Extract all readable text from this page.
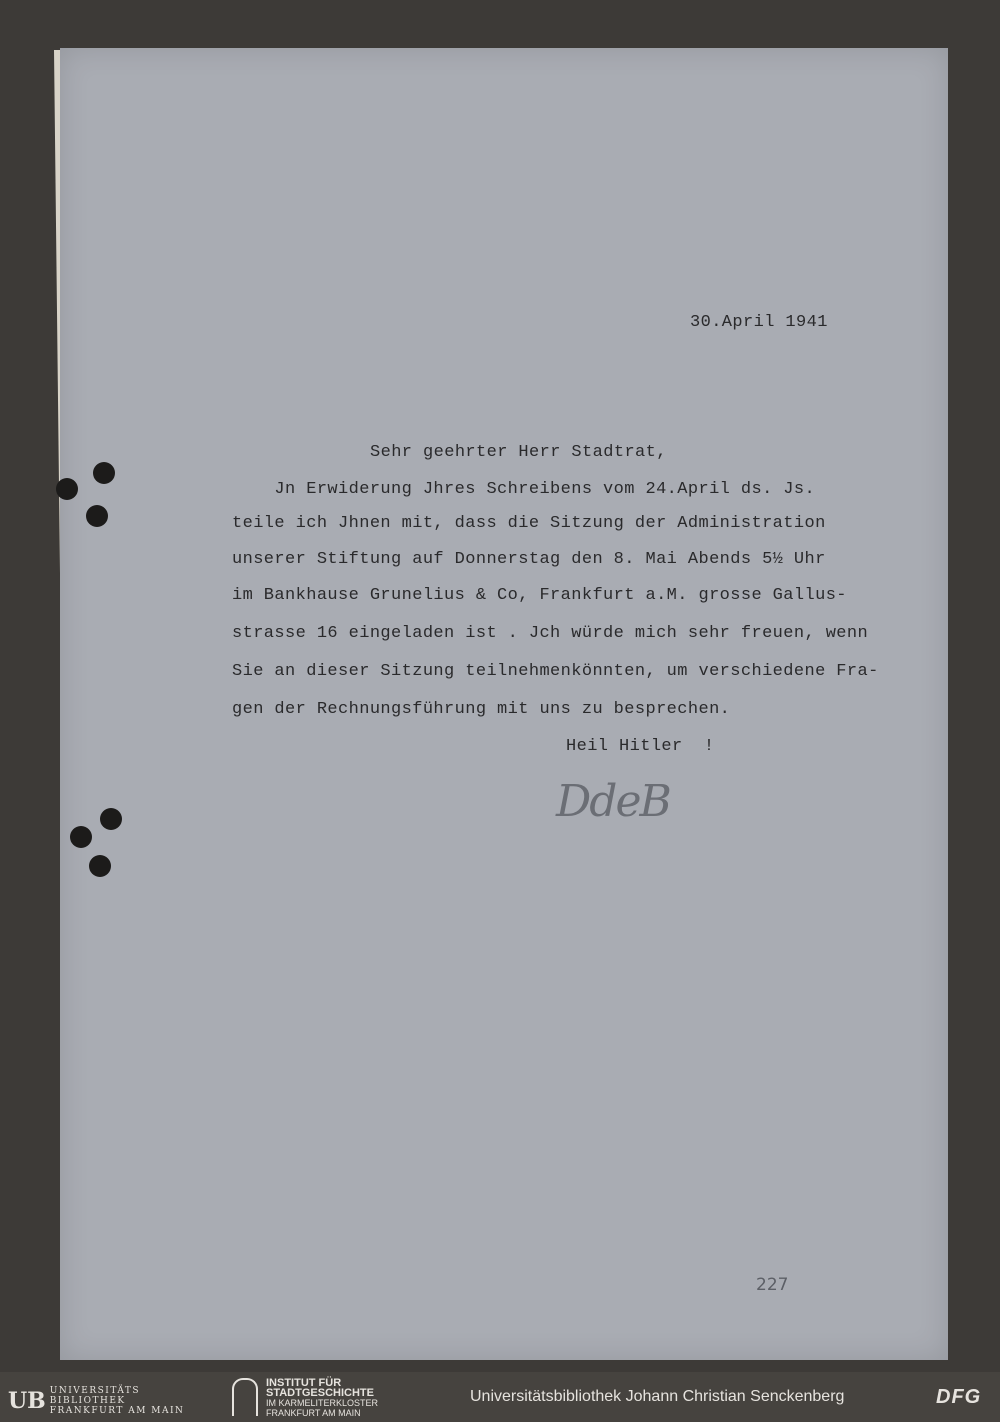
30.April 1941
Sehr geehrter Herr Stadtrat,
Jn Erwiderung Jhres Schreibens vom 24.April ds. Js.
teile ich Jhnen mit, dass die Sitzung der Administration
unserer Stiftung auf Donnerstag den 8. Mai Abends 5½ Uhr
im Bankhause Grunelius & Co, Frankfurt a.M. grosse Gallus-
strasse 16 eingeladen ist . Jch würde mich sehr freuen, wenn
Sie an dieser Sitzung teilnehmenkönnten, um verschiedene Fra-
gen der Rechnungsführung mit uns zu besprechen.
Heil Hitler  !
DdeB
227
UB UNIVERSITÄTS
BIBLIOTHEK
FRANKFURT AM MAIN
INSTITUT FÜR
STADTGESCHICHTE
IM KARMELITERKLOSTER
FRANKFURT AM MAIN
Universitätsbibliothek Johann Christian Senckenberg	DFG
